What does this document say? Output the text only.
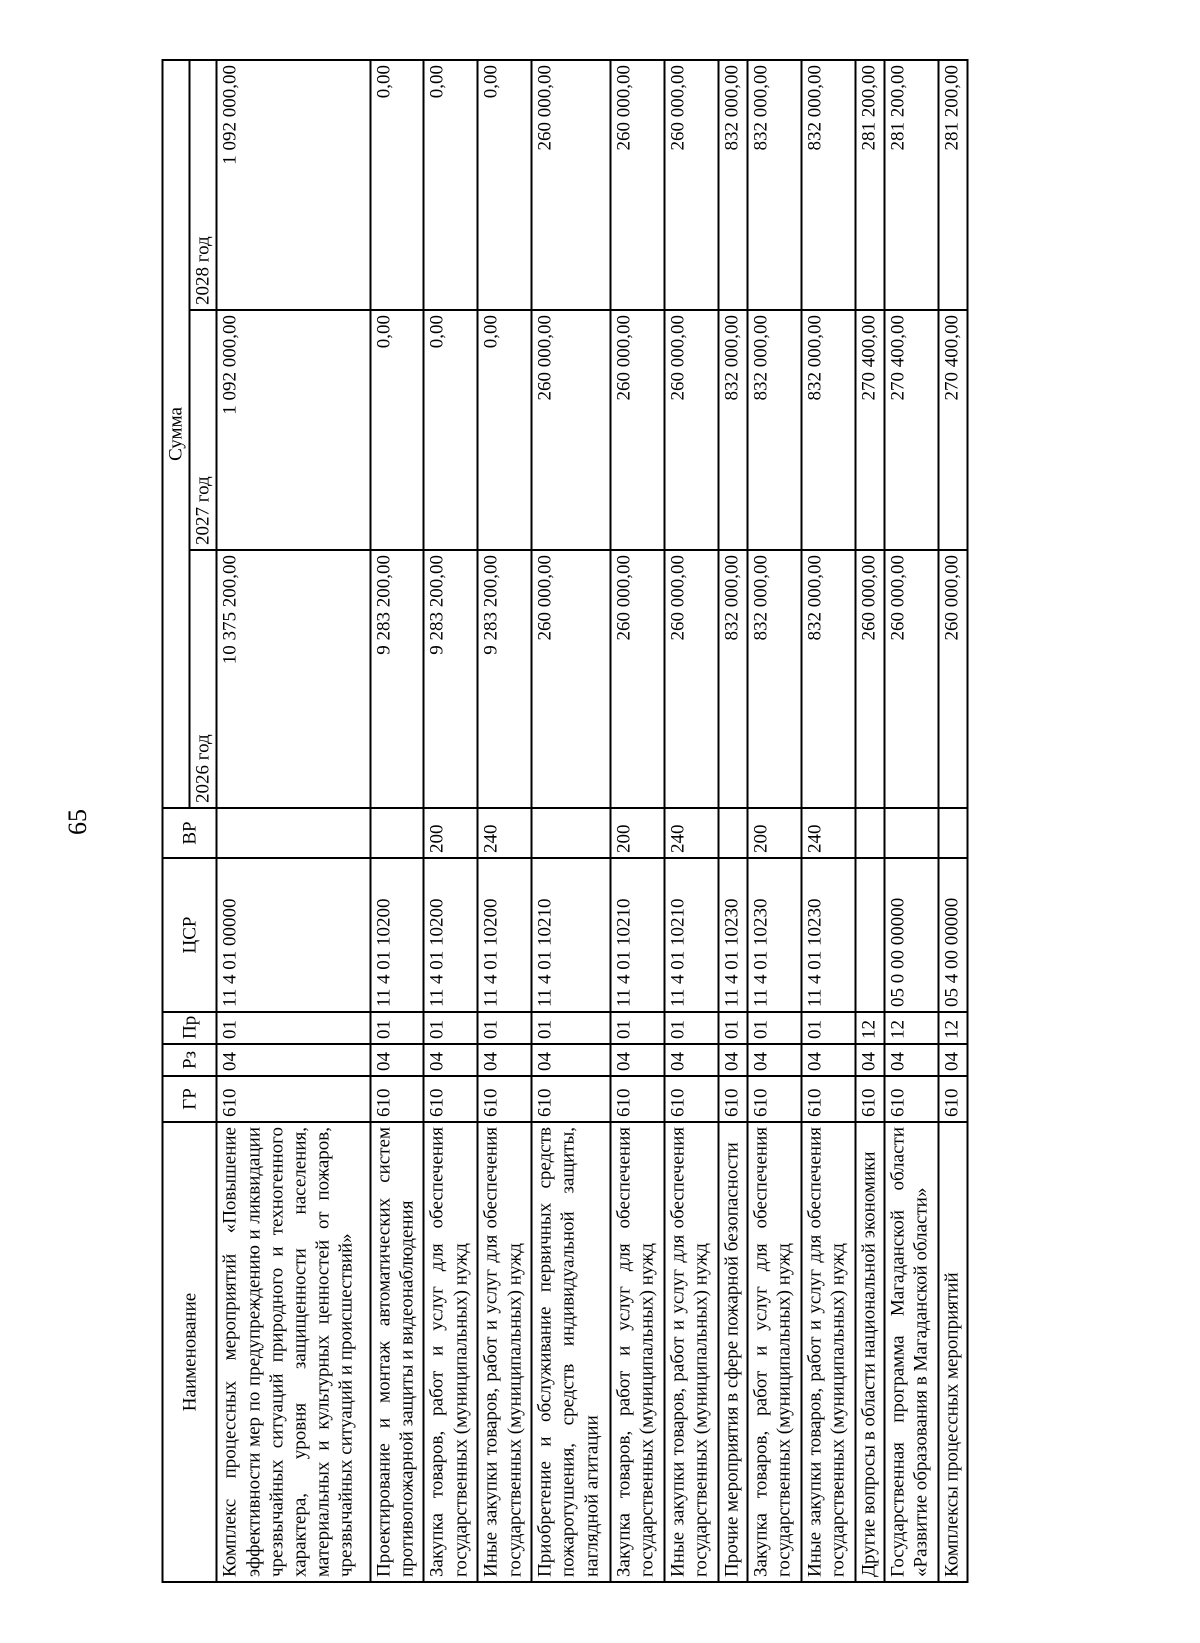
65
Наименование	ГР	Рз	Пр	ЦСР	ВР	Сумма		
						2026 год	2027 год	2028 год
Комплекс процессных мероприятий «Повышение эффективности мер по предупреждению и ликвидации чрезвычайных ситуаций природного и техногенного характера, уровня защищенности населения, материальных и культурных ценностей от пожаров, чрезвычайных ситуаций и происшествий»	610	04	01	11 4 01 00000		10 375 200,00	1 092 000,00	1 092 000,00
Проектирование и монтаж автоматических систем противопожарной защиты и видеонаблюдения	610	04	01	11 4 01 10200		9 283 200,00	0,00	0,00
Закупка товаров, работ и услуг для обеспечения государственных (муниципальных) нужд	610	04	01	11 4 01 10200	200	9 283 200,00	0,00	0,00
Иные закупки товаров, работ и услуг для обеспечения государственных (муниципальных) нужд	610	04	01	11 4 01 10200	240	9 283 200,00	0,00	0,00
Приобретение и обслуживание первичных средств пожаротушения, средств индивидуальной защиты, наглядной агитации	610	04	01	11 4 01 10210		260 000,00	260 000,00	260 000,00
Закупка товаров, работ и услуг для обеспечения государственных (муниципальных) нужд	610	04	01	11 4 01 10210	200	260 000,00	260 000,00	260 000,00
Иные закупки товаров, работ и услуг для обеспечения государственных (муниципальных) нужд	610	04	01	11 4 01 10210	240	260 000,00	260 000,00	260 000,00
Прочие мероприятия в сфере пожарной безопасности	610	04	01	11 4 01 10230		832 000,00	832 000,00	832 000,00
Закупка товаров, работ и услуг для обеспечения государственных (муниципальных) нужд	610	04	01	11 4 01 10230	200	832 000,00	832 000,00	832 000,00
Иные закупки товаров, работ и услуг для обеспечения государственных (муниципальных) нужд	610	04	01	11 4 01 10230	240	832 000,00	832 000,00	832 000,00
Другие вопросы в области национальной экономики	610	04	12			260 000,00	270 400,00	281 200,00
Государственная программа Магаданской области «Развитие образования в Магаданской области»	610	04	12	05 0 00 00000		260 000,00	270 400,00	281 200,00
Комплексы процессных мероприятий	610	04	12	05 4 00 00000		260 000,00	270 400,00	281 200,00
